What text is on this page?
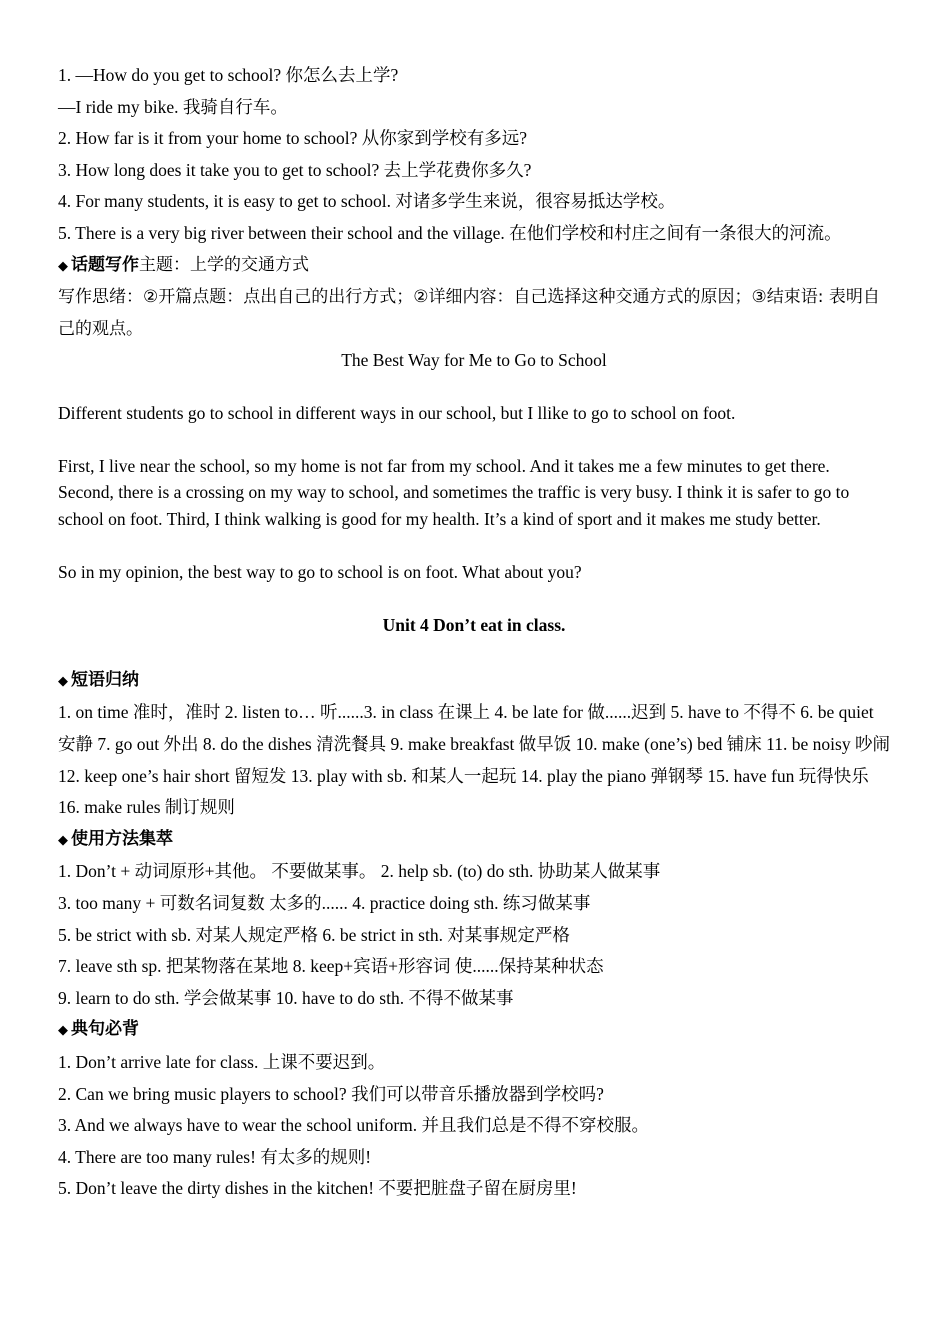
1. —How do you get to school? 你怎么去上学?

—I ride my bike. 我骑自行车。

2. How far is it from your home to school? 从你家到学校有多远?

3. How long does it take you to get to school? 去上学花费你多久?

4. For many students, it is easy to get to school. 对诸多学生来说，很容易抵达学校。

5. There is a very big river between their school and the village. 在他们学校和村庄之间有一条很大的河流。

◆ 话题写作主题：上学的交通方式

写作思绪：②开篇点题：点出自己的出行方式；②详细内容：自己选择这种交通方式的原因；③结束语: 表明自己的观点。

The Best Way for Me to Go to School

Different students go to school in different ways in our school, but I llike to go to school on foot.

First, I live near the school, so my home is not far from my school. And it takes me a few minutes to get there. Second, there is a crossing on my way to school, and sometimes the traffic is very busy. I think it is safer to go to school on foot. Third, I think walking is good for my health. It’s a kind of sport and it makes me study better.

So in my opinion, the best way to go to school is on foot. What about you?

Unit 4 Don’t eat in class.

◆ 短语归纳

1. on time 准时，准时 2. listen to… 听......3. in class 在课上 4. be late for 做......迟到 5. have to 不得不 6. be quiet 安静 7. go out 外出 8. do the dishes 清洗餐具 9. make breakfast 做早饭 10. make (one’s) bed 铺床 11. be noisy 吵闹 12. keep one’s hair short 留短发 13. play with sb. 和某人一起玩 14. play the piano 弹钢琴 15. have fun 玩得快乐 16. make rules 制订规则

◆ 使用方法集萃

1. Don’t + 动词原形+其他。 不要做某事。 2. help sb. (to) do sth. 协助某人做某事

3. too many + 可数名词复数 太多的...... 4. practice doing sth. 练习做某事

5. be strict with sb. 对某人规定严格 6. be strict in sth. 对某事规定严格

7. leave sth sp. 把某物落在某地 8. keep+宾语+形容词 使......保持某种状态

9. learn to do sth. 学会做某事 10. have to do sth. 不得不做某事

◆ 典句必背

1. Don’t arrive late for class. 上课不要迟到。

2. Can we bring music players to school? 我们可以带音乐播放器到学校吗?

3. And we always have to wear the school uniform. 并且我们总是不得不穿校服。

4. There are too many rules! 有太多的规则!

5. Don’t leave the dirty dishes in the kitchen! 不要把脏盘子留在厨房里!
